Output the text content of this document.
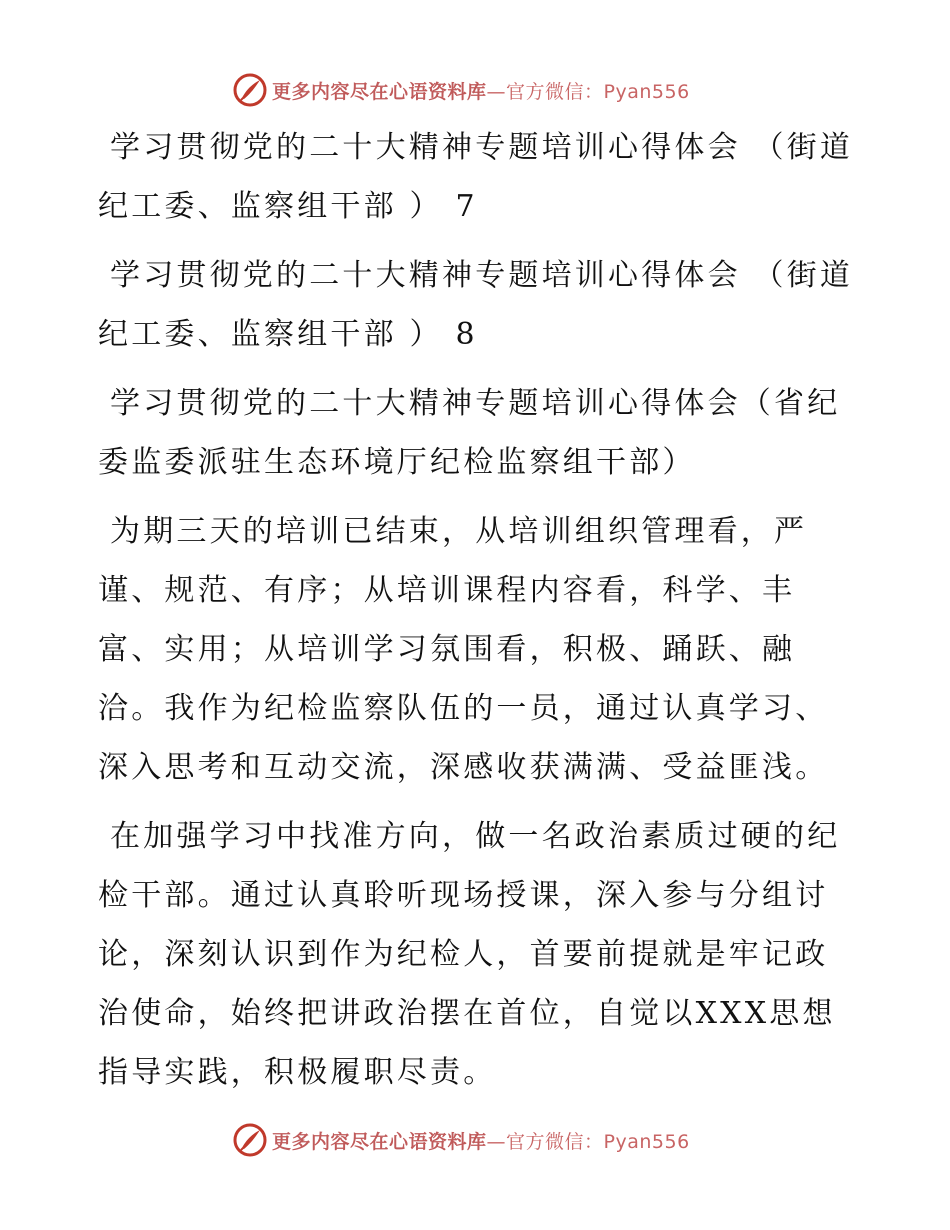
更多内容尽在心语资料库 —官方微信：Pyan556

学习贯彻党的二十大精神专题培训心得体会 （街道纪工委、监察组干部 ） 7

学习贯彻党的二十大精神专题培训心得体会 （街道纪工委、监察组干部 ） 8

学习贯彻党的二十大精神专题培训心得体会（省纪委监委派驻生态环境厅纪检监察组干部）

为期三天的培训已结束，从培训组织管理看，严谨、规范、有序；从培训课程内容看，科学、丰富、实用；从培训学习氛围看，积极、踊跃、融洽。我作为纪检监察队伍的一员，通过认真学习、深入思考和互动交流，深感收获满满、受益匪浅。

在加强学习中找准方向，做一名政治素质过硬的纪检干部。通过认真聆听现场授课，深入参与分组讨论，深刻认识到作为纪检人，首要前提就是牢记政治使命，始终把讲政治摆在首位，自觉以XXX思想指导实践，积极履职尽责。

更多内容尽在心语资料库 —官方微信：Pyan556
